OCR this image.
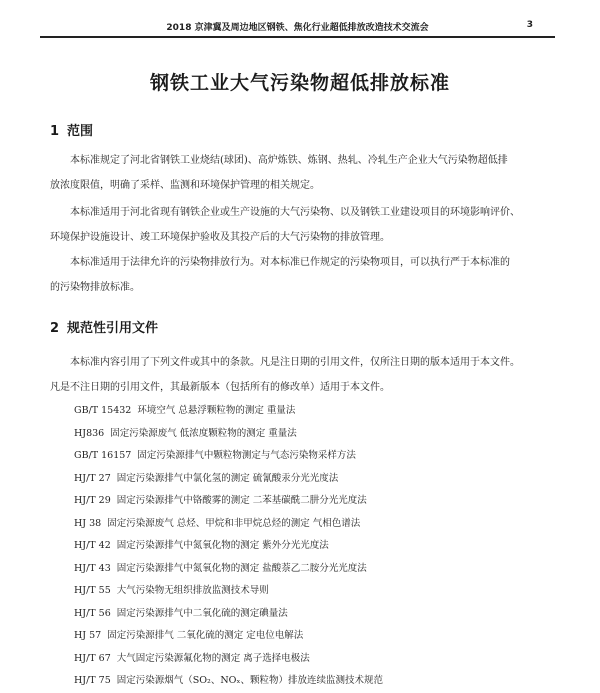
2018 京津冀及周边地区钢铁、焦化行业超低排放改造技术交流会	3
钢铁工业大气污染物超低排放标准
1 范围
本标准规定了河北省钢铁工业烧结(球团)、高炉炼铁、炼钢、热轧、冷轧生产企业大气污染物超低排
放浓度限值，明确了采样、监测和环境保护管理的相关规定。
本标准适用于河北省现有钢铁企业或生产设施的大气污染物、以及钢铁工业建设项目的环境影响评价、
环境保护设施设计、竣工环境保护验收及其投产后的大气污染物的排放管理。
本标准适用于法律允许的污染物排放行为。对本标准已作规定的污染物项目，可以执行严于本标准的
的污染物排放标准。
2 规范性引用文件
本标准内容引用了下列文件或其中的条款。凡是注日期的引用文件，仅所注日期的版本适用于本文件。
凡是不注日期的引用文件，其最新版本（包括所有的修改单）适用于本文件。
GB/T 15432 环境空气 总悬浮颗粒物的测定 重量法
HJ836 固定污染源废气 低浓度颗粒物的测定 重量法
GB/T 16157 固定污染源排气中颗粒物测定与气态污染物采样方法
HJ/T 27 固定污染源排气中氯化氢的测定 硫氰酸汞分光光度法
HJ/T 29 固定污染源排气中铬酸雾的测定 二苯基碳酰二肼分光光度法
HJ 38 固定污染源废气 总烃、甲烷和非甲烷总烃的测定 气相色谱法
HJ/T 42 固定污染源排气中氮氧化物的测定 紫外分光光度法
HJ/T 43 固定污染源排气中氮氧化物的测定 盐酸萘乙二胺分光光度法
HJ/T 55 大气污染物无组织排放监测技术导则
HJ/T 56 固定污染源排气中二氧化硫的测定碘量法
HJ 57 固定污染源排气 二氧化硫的测定 定电位电解法
HJ/T 67 大气固定污染源氟化物的测定 离子选择电极法
HJ/T 75 固定污染源烟气（SO₂、NOₓ、颗粒物）排放连续监测技术规范
